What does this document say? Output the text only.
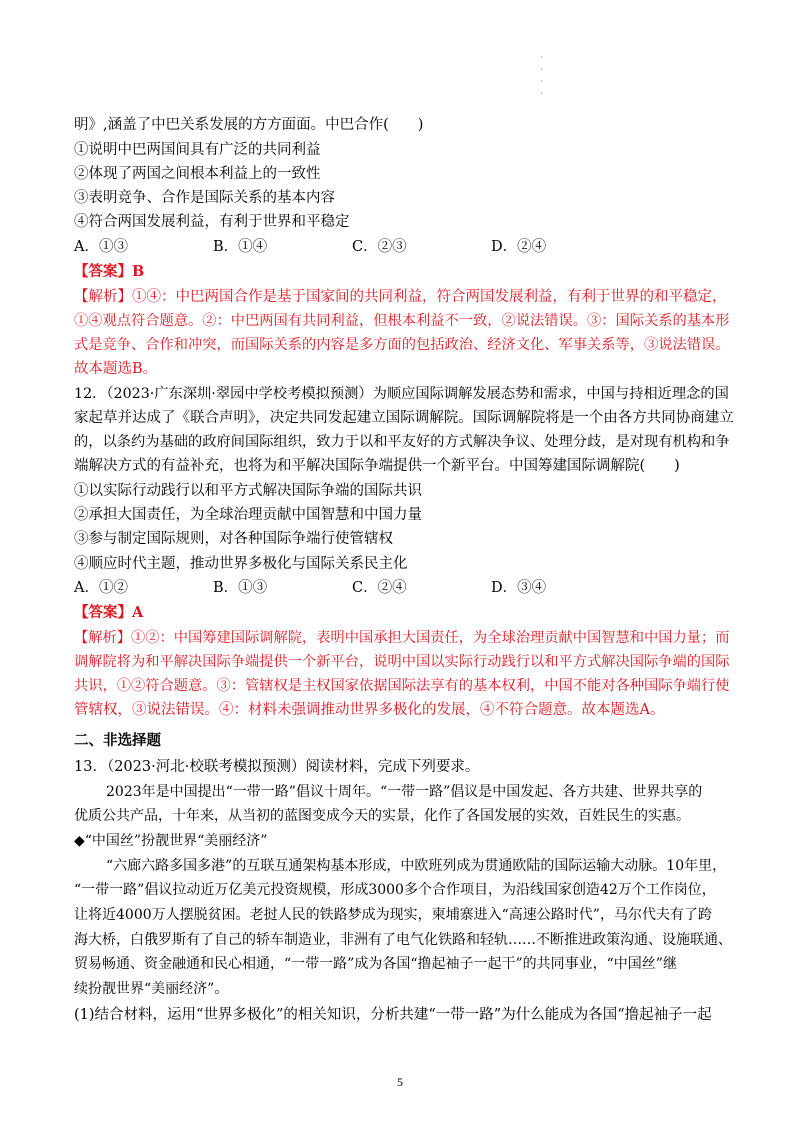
·
·
·
·
明》,涵盖了中巴关系发展的方方面面。中巴合作(　　)
①说明中巴两国间具有广泛的共同利益
②体现了两国之间根本利益上的一致性
③表明竞争、合作是国际关系的基本内容
④符合两国发展利益，有利于世界和平稳定
A．①③	B．①④	C．②③	D．②④
【答案】B
【解析】①④：中巴两国合作是基于国家间的共同利益，符合两国发展利益，有利于世界的和平稳定，
①④观点符合题意。②：中巴两国有共同利益，但根本利益不一致，②说法错误。③：国际关系的基本形
式是竞争、合作和冲突，而国际关系的内容是多方面的包括政治、经济文化、军事关系等，③说法错误。
故本题选B。
12．（2023·广东深圳·翠园中学校考模拟预测）为顺应国际调解发展态势和需求，中国与持相近理念的国
家起草并达成了《联合声明》，决定共同发起建立国际调解院。国际调解院将是一个由各方共同协商建立
的，以条约为基础的政府间国际组织，致力于以和平友好的方式解决争议、处理分歧，是对现有机构和争
端解决方式的有益补充，也将为和平解决国际争端提供一个新平台。中国筹建国际调解院(　　)
①以实际行动践行以和平方式解决国际争端的国际共识
②承担大国责任，为全球治理贡献中国智慧和中国力量
③参与制定国际规则，对各种国际争端行使管辖权
④顺应时代主题，推动世界多极化与国际关系民主化
A．①②	B．①③	C．②④	D．③④
【答案】A
【解析】①②：中国筹建国际调解院，表明中国承担大国责任，为全球治理贡献中国智慧和中国力量；而
调解院将为和平解决国际争端提供一个新平台，说明中国以实际行动践行以和平方式解决国际争端的国际
共识，①②符合题意。③：管辖权是主权国家依据国际法享有的基本权利，中国不能对各种国际争端行使
管辖权，③说法错误。④：材料未强调推动世界多极化的发展，④不符合题意。故本题选A。
二、非选择题
13．（2023·河北·校联考模拟预测）阅读材料，完成下列要求。
2023年是中国提出“一带一路”倡议十周年。“一带一路”倡议是中国发起、各方共建、世界共享的
优质公共产品，十年来，从当初的蓝图变成今天的实景，化作了各国发展的实效，百姓民生的实惠。
◆“中国丝”扮靓世界“美丽经济”
“六廊六路多国多港”的互联互通架构基本形成，中欧班列成为贯通欧陆的国际运输大动脉。10年里，
“一带一路”倡议拉动近万亿美元投资规模，形成3000多个合作项目，为沿线国家创造42万个工作岗位，
让将近4000万人摆脱贫困。老挝人民的铁路梦成为现实，柬埔寨进入“高速公路时代”，马尔代夫有了跨
海大桥，白俄罗斯有了自己的轿车制造业，非洲有了电气化铁路和轻轨……不断推进政策沟通、设施联通、
贸易畅通、资金融通和民心相通，“一带一路”成为各国“撸起袖子一起干”的共同事业，“中国丝”继
续扮靓世界“美丽经济”。
(1)结合材料，运用“世界多极化”的相关知识，分析共建“一带一路”为什么能成为各国“撸起袖子一起
5
